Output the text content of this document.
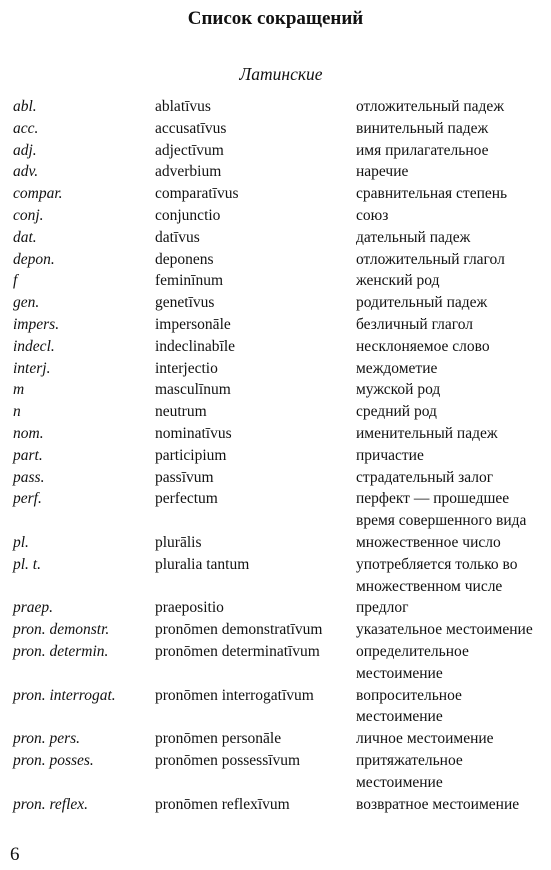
Список сокращений
Латинские
abl.	ablatīvus	отложительный падеж

acc.	accusatīvus	винительный падеж

adj.	adjectīvum	имя прилагательное

adv.	adverbium	наречие

compar.	comparatīvus	сравнительная степень

conj.	conjunctio	союз

dat.	datīvus	дательный падеж

depon.	deponens	отложительный глагол

f	feminīnum	женский род

gen.	genetīvus	родительный падеж

impers.	impersonāle	безличный глагол

indecl.	indeclinabīle	несклоняемое слово

interj.	interjectio	междометие

m	masculīnum	мужской род

n	neutrum	средний род

nom.	nominatīvus	именительный падеж

part.	participium	причастие

pass.	passīvum	страдательный залог

perf.	perfectum	перфект — прошедшее
время совершенного вида

pl.	plurālis	множественное число

pl. t.	pluralia tantum	употребляется только во
множественном числе

praep.	praepositio	предлог

pron. demonstr.	pronōmen demonstratīvum	указательное местоимение

pron. determin.	pronōmen determinatīvum	определительное
местоимение

pron. interrogat.	pronōmen interrogatīvum	вопросительное
местоимение

pron. pers.	pronōmen personāle	личное местоимение

pron. posses.	pronōmen possessīvum	притяжательное
местоимение

pron. reflex.	pronōmen reflexīvum	возвратное местоимение
6
